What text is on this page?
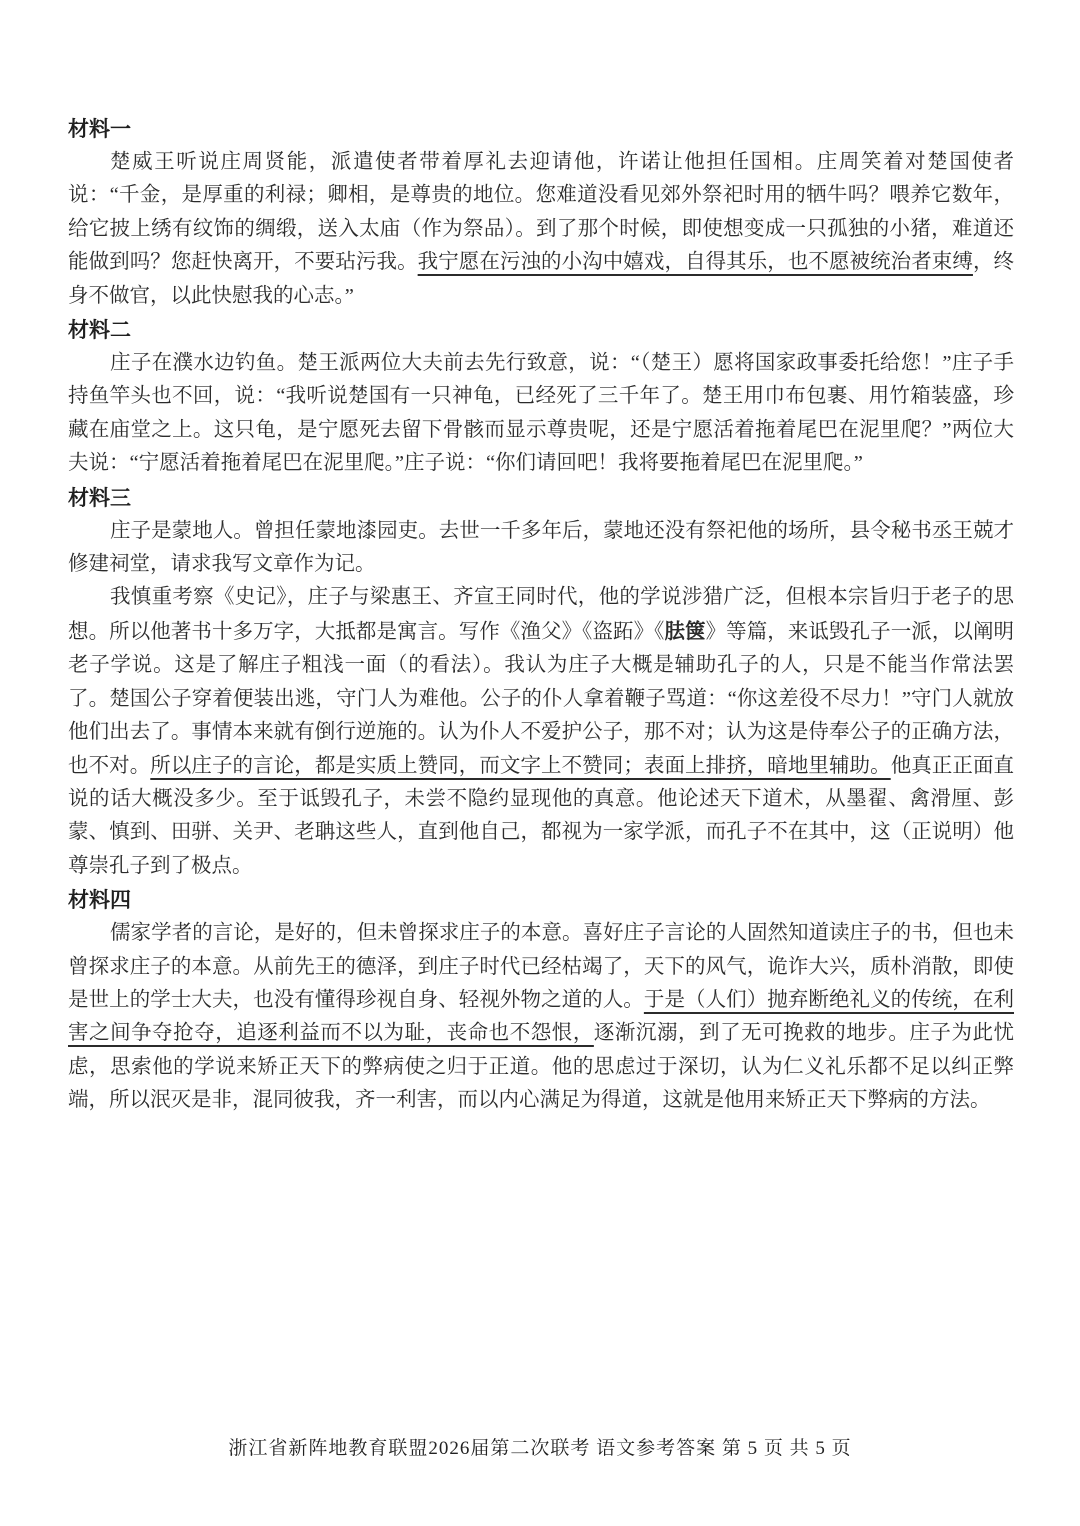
材料一

楚威王听说庄周贤能，派遣使者带着厚礼去迎请他，许诺让他担任国相。庄周笑着对楚国使者说：“千金，是厚重的利禄；卿相，是尊贵的地位。您难道没看见郊外祭祀时用的牺牛吗？喂养它数年，给它披上绣有纹饰的绸缎，送入太庙（作为祭品）。到了那个时候，即使想变成一只孤独的小猪，难道还能做到吗？您赶快离开，不要玷污我。我宁愿在污浊的小沟中嬉戏，自得其乐，也不愿被统治者束缚，终身不做官，以此快慰我的心志。”

材料二

庄子在濮水边钓鱼。楚王派两位大夫前去先行致意，说：“（楚王）愿将国家政事委托给您！”庄子手持鱼竿头也不回，说：“我听说楚国有一只神龟，已经死了三千年了。楚王用巾布包裹、用竹箱装盛，珍藏在庙堂之上。这只龟，是宁愿死去留下骨骸而显示尊贵呢，还是宁愿活着拖着尾巴在泥里爬？”两位大夫说：“宁愿活着拖着尾巴在泥里爬。”庄子说：“你们请回吧！我将要拖着尾巴在泥里爬。”

材料三

庄子是蒙地人。曾担任蒙地漆园吏。去世一千多年后，蒙地还没有祭祀他的场所，县令秘书丞王兢才修建祠堂，请求我写文章作为记。

我慎重考察《史记》，庄子与梁惠王、齐宣王同时代，他的学说涉猎广泛，但根本宗旨归于老子的思想。所以他著书十多万字，大抵都是寓言。写作《渔父》《盗跖》《胠箧》等篇，来诋毁孔子一派，以阐明老子学说。这是了解庄子粗浅一面（的看法）。我认为庄子大概是辅助孔子的人，只是不能当作常法罢了。楚国公子穿着便装出逃，守门人为难他。公子的仆人拿着鞭子骂道：“你这差役不尽力！”守门人就放他们出去了。事情本来就有倒行逆施的。认为仆人不爱护公子，那不对；认为这是侍奉公子的正确方法，也不对。所以庄子的言论，都是实质上赞同，而文字上不赞同；表面上排挤，暗地里辅助。他真正正面直说的话大概没多少。至于诋毁孔子，未尝不隐约显现他的真意。他论述天下道术，从墨翟、禽滑厘、彭蒙、慎到、田骈、关尹、老聃这些人，直到他自己，都视为一家学派，而孔子不在其中，这（正说明）他尊崇孔子到了极点。

材料四

儒家学者的言论，是好的，但未曾探求庄子的本意。喜好庄子言论的人固然知道读庄子的书，但也未曾探求庄子的本意。从前先王的德泽，到庄子时代已经枯竭了，天下的风气，诡诈大兴，质朴消散，即使是世上的学士大夫，也没有懂得珍视自身、轻视外物之道的人。于是（人们）抛弃断绝礼义的传统，在利害之间争夺抢夺，追逐利益而不以为耻，丧命也不怨恨，逐渐沉溺，到了无可挽救的地步。庄子为此忧虑，思索他的学说来矫正天下的弊病使之归于正道。他的思虑过于深切，认为仁义礼乐都不足以纠正弊端，所以泯灭是非，混同彼我，齐一利害，而以内心满足为得道，这就是他用来矫正天下弊病的方法。

浙江省新阵地教育联盟2026届第二次联考 语文参考答案 第 5 页 共 5 页
